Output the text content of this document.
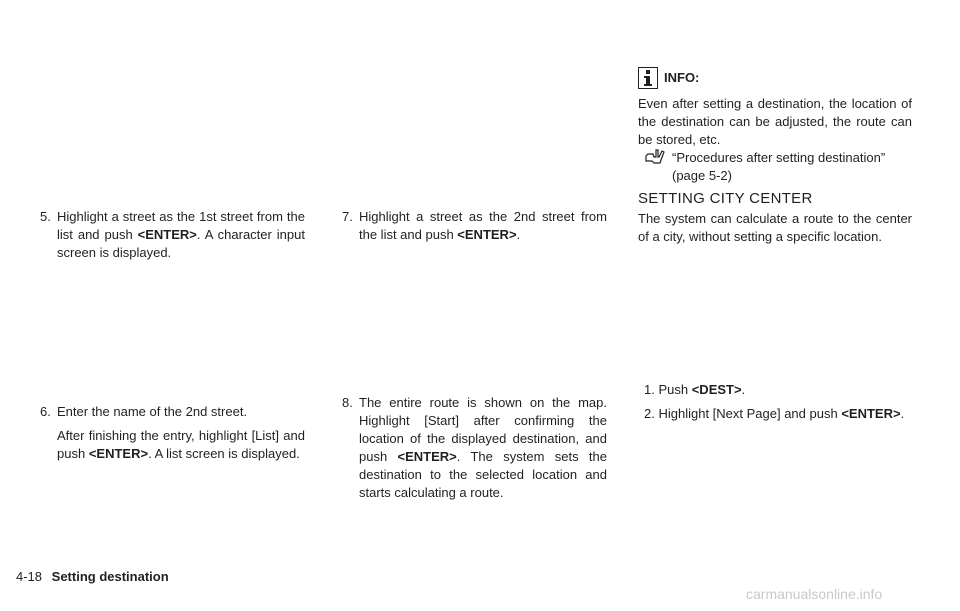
5. Highlight a street as the 1st street from the list and push <ENTER>. A character input screen is displayed.
6. Enter the name of the 2nd street.
After finishing the entry, highlight [List] and push <ENTER>. A list screen is displayed.
7. Highlight a street as the 2nd street from the list and push <ENTER>.
8. The entire route is shown on the map. Highlight [Start] after confirming the location of the displayed destination, and push <ENTER>. The system sets the destination to the selected location and starts calculating a route.
INFO:
Even after setting a destination, the location of the destination can be adjusted, the route can be stored, etc.
“Procedures after setting destination” (page 5-2)
SETTING CITY CENTER
The system can calculate a route to the center of a city, without setting a specific location.
1. Push <DEST>.
2. Highlight [Next Page] and push <ENTER>.
4-18 Setting destination
carmanualsonline.info
